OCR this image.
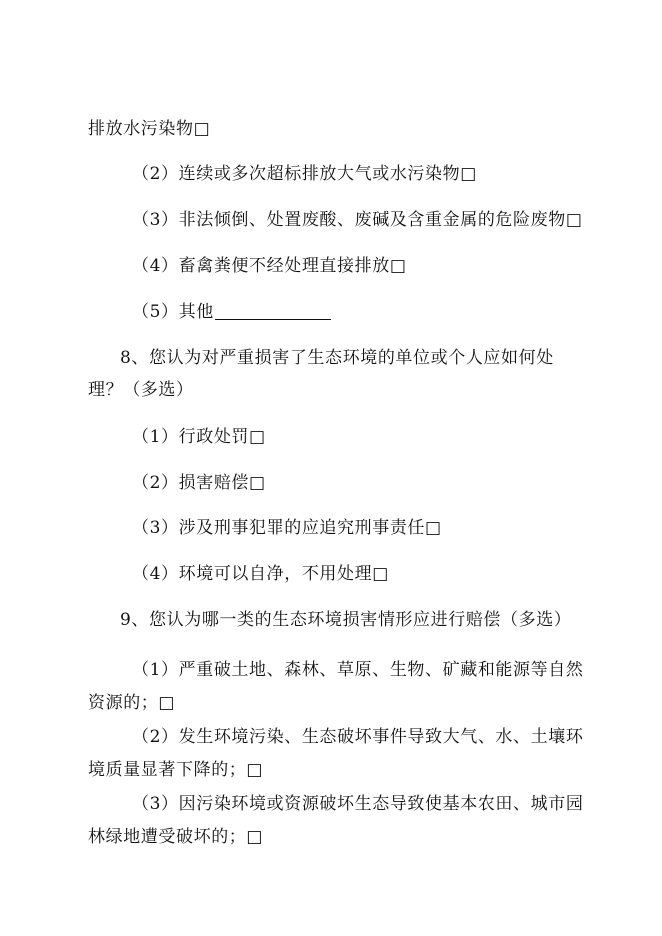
排放水污染物□
（2）连续或多次超标排放大气或水污染物□
（3）非法倾倒、处置废酸、废碱及含重金属的危险废物□
（4）畜禽粪便不经处理直接排放□
（5）其他
8、您认为对严重损害了生态环境的单位或个人应如何处
理？（多选）
（1）行政处罚□
（2）损害赔偿□
（3）涉及刑事犯罪的应追究刑事责任□
（4）环境可以自净，不用处理□
9、您认为哪一类的生态环境损害情形应进行赔偿（多选）
（1）严重破土地、森林、草原、生物、矿藏和能源等自然
资源的；□
（2）发生环境污染、生态破坏事件导致大气、水、土壤环
境质量显著下降的；□
（3）因污染环境或资源破坏生态导致使基本农田、城市园
林绿地遭受破坏的；□
